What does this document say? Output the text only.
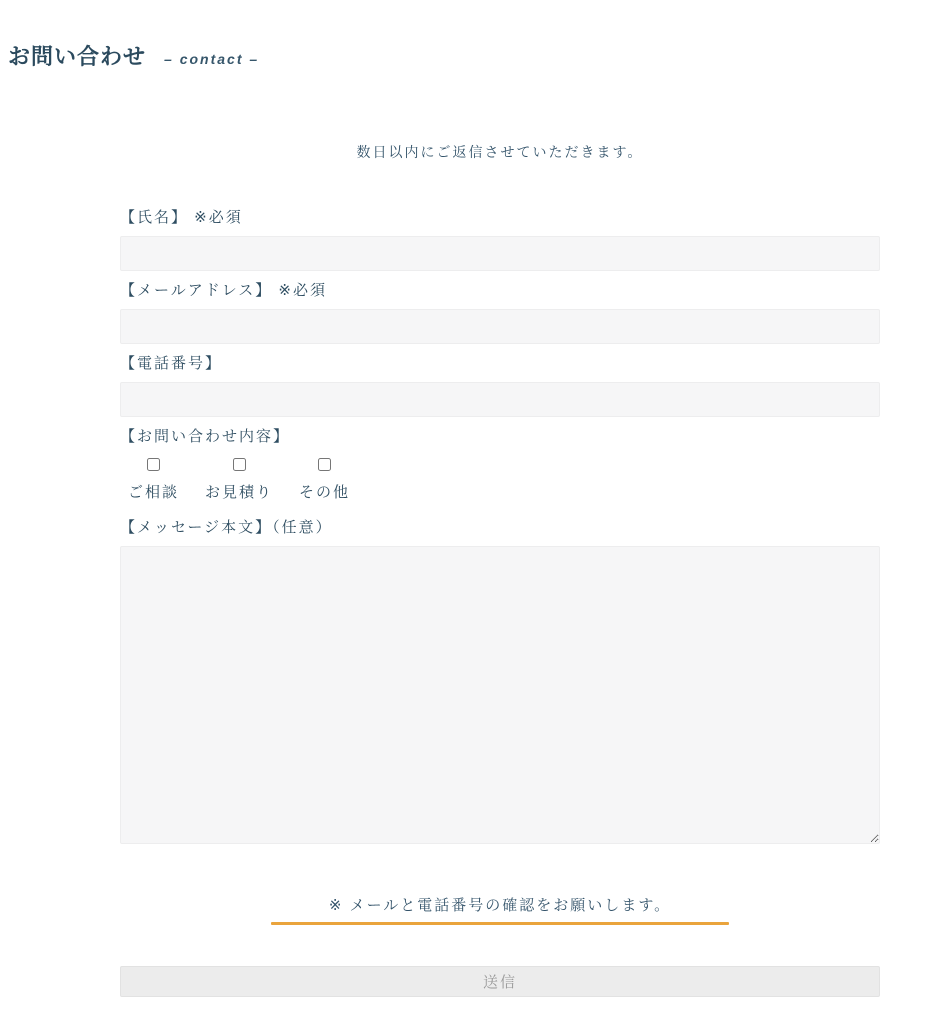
お問い合わせ – contact –
数日以内にご返信させていただきます。
【氏名】 ※必須
【メールアドレス】 ※必須
【電話番号】
【お問い合わせ内容】
ご相談 お見積り その他
【メッセージ本文】（任意）
※ メールと電話番号の確認をお願いします。
送信
